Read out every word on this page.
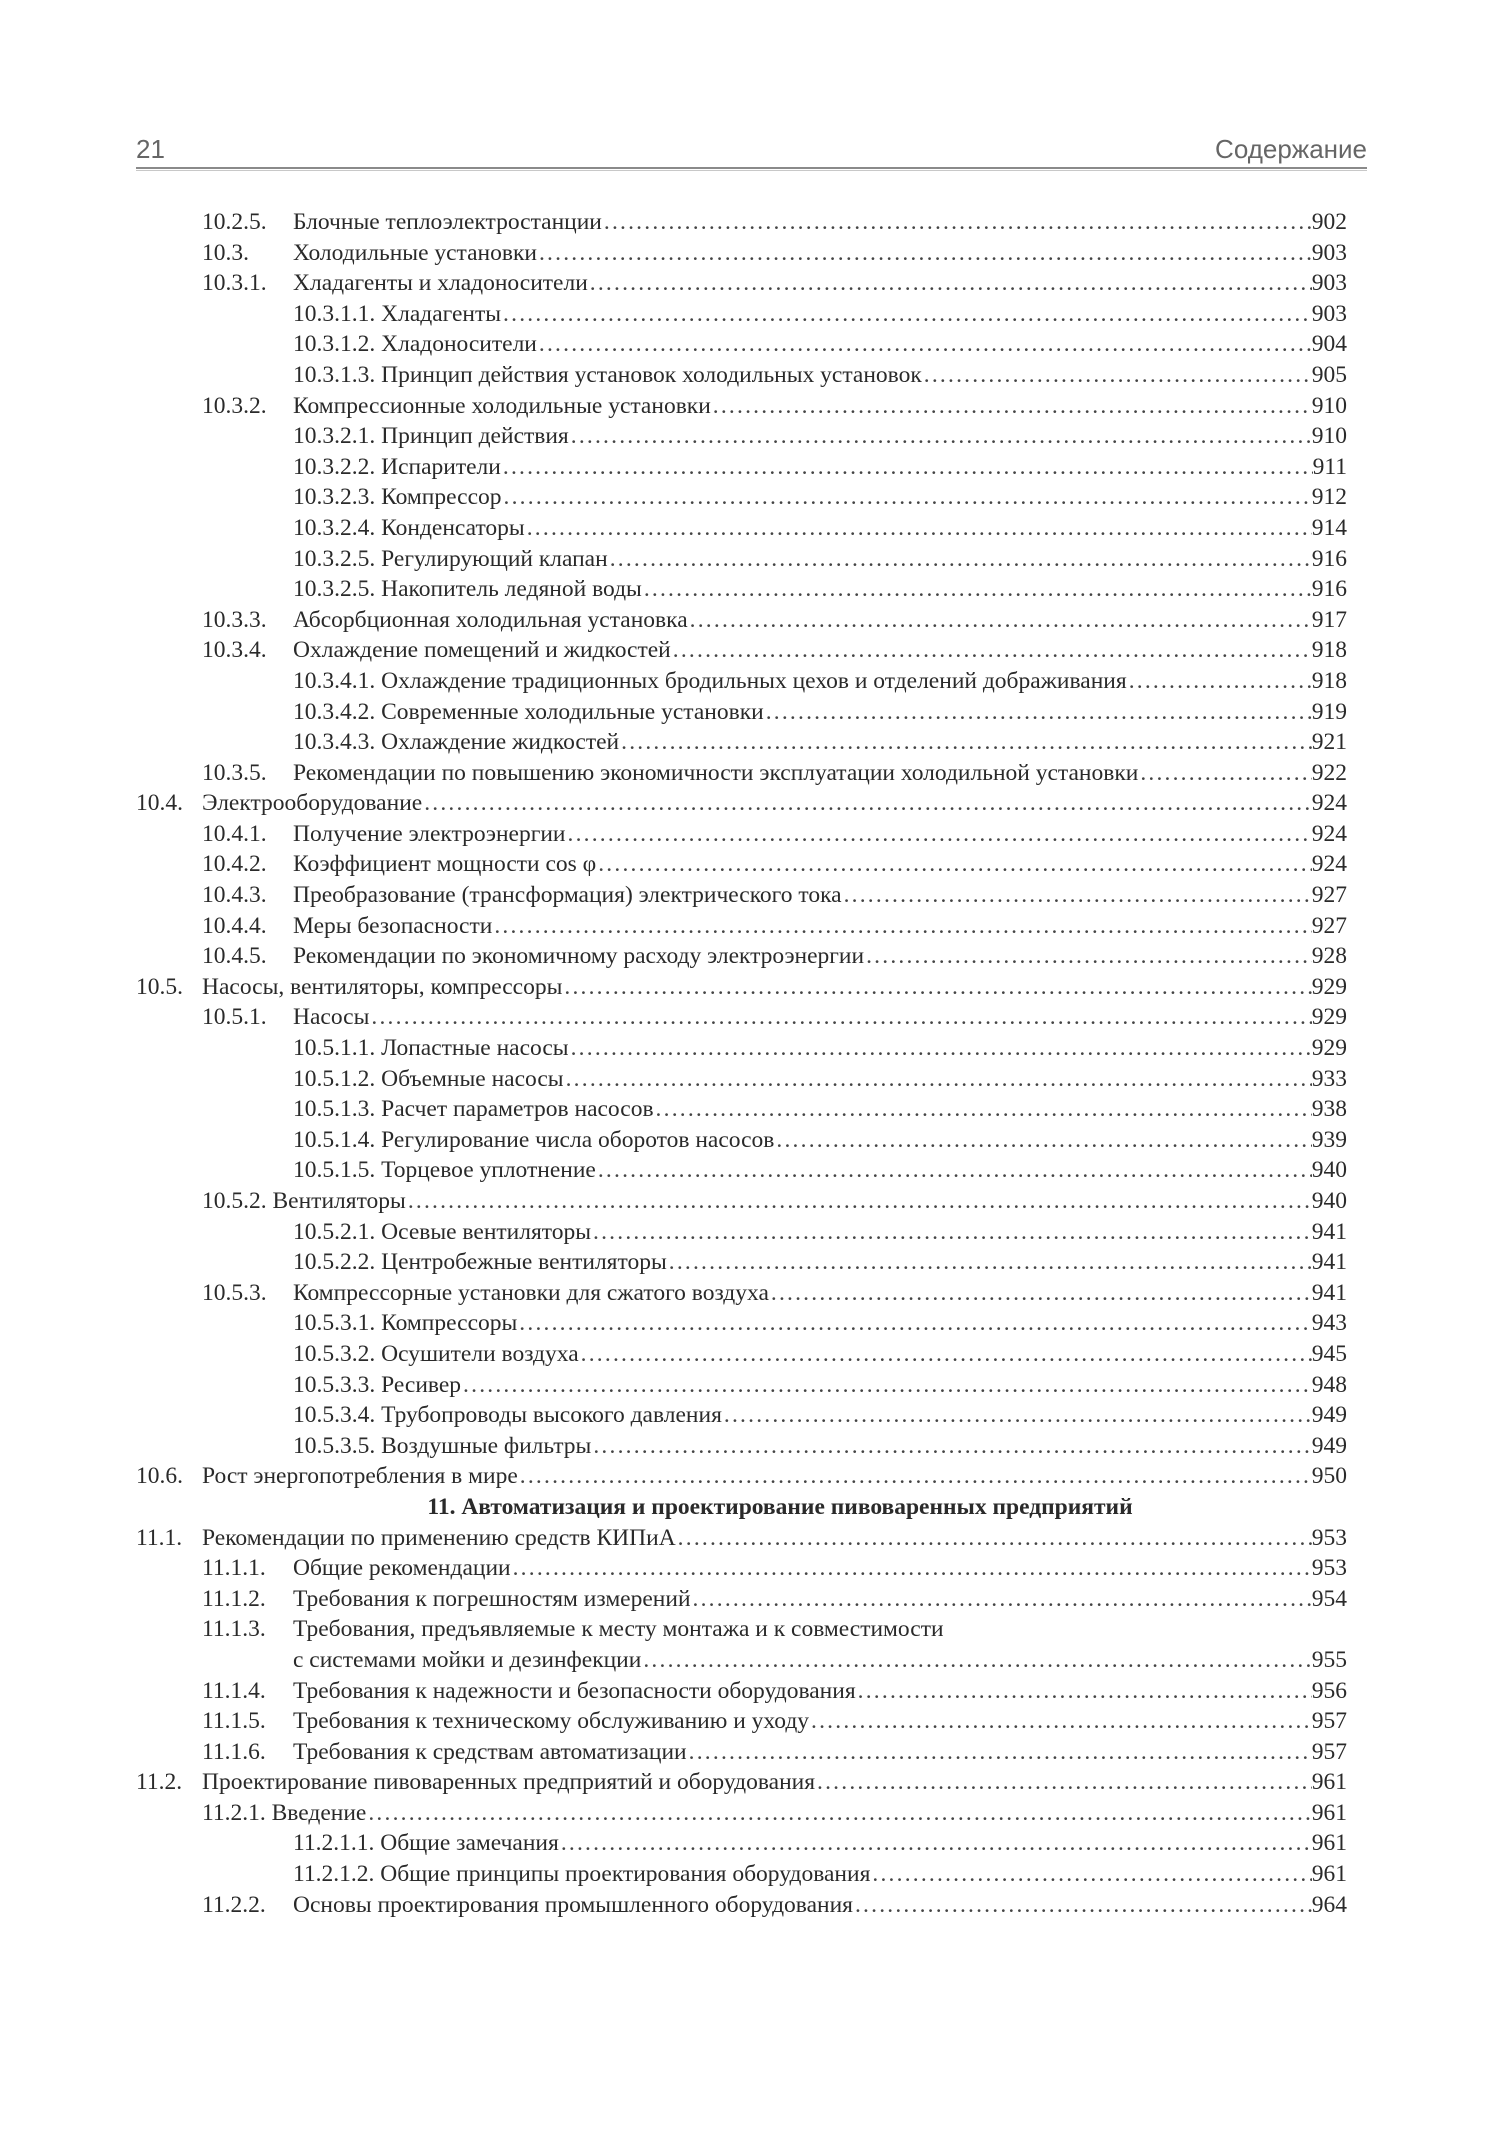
21	Содержание
10.2.5. Блочные теплоэлектростанции .....	902
10.3. Холодильные установки .....	903
10.3.1. Хладагенты и хладоносители .....	903
10.3.1.1. Хладагенты .....	903
10.3.1.2. Хладоносители .....	904
10.3.1.3. Принцип действия установок холодильных установок .....	905
10.3.2. Компрессионные холодильные установки .....	910
10.3.2.1. Принцип действия .....	910
10.3.2.2. Испарители .....	911
10.3.2.3. Компрессор .....	912
10.3.2.4. Конденсаторы .....	914
10.3.2.5. Регулирующий клапан .....	916
10.3.2.5. Накопитель ледяной воды .....	916
10.3.3. Абсорбционная холодильная установка .....	917
10.3.4. Охлаждение помещений и жидкостей .....	918
10.3.4.1. Охлаждение традиционных бродильных цехов и отделений дображивания .....	918
10.3.4.2. Современные холодильные установки .....	919
10.3.4.3. Охлаждение жидкостей .....	921
10.3.5. Рекомендации по повышению экономичности эксплуатации холодильной установки .....	922
10.4. Электрооборудование .....	924
10.4.1. Получение электроэнергии .....	924
10.4.2. Коэффициент мощности cos φ .....	924
10.4.3. Преобразование (трансформация) электрического тока .....	927
10.4.4. Меры безопасности .....	927
10.4.5. Рекомендации по экономичному расходу электроэнергии .....	928
10.5. Насосы, вентиляторы, компрессоры .....	929
10.5.1. Насосы .....	929
10.5.1.1. Лопастные насосы .....	929
10.5.1.2. Объемные насосы .....	933
10.5.1.3. Расчет параметров насосов .....	938
10.5.1.4. Регулирование числа оборотов насосов .....	939
10.5.1.5. Торцевое уплотнение .....	940
10.5.2. Вентиляторы .....	940
10.5.2.1. Осевые вентиляторы .....	941
10.5.2.2. Центробежные вентиляторы .....	941
10.5.3. Компрессорные установки для сжатого воздуха .....	941
10.5.3.1. Компрессоры .....	943
10.5.3.2. Осушители воздуха .....	945
10.5.3.3. Ресивер .....	948
10.5.3.4. Трубопроводы высокого давления .....	949
10.5.3.5. Воздушные фильтры .....	949
10.6. Рост энергопотребления в мире .....	950
11. Автоматизация и проектирование пивоваренных предприятий
11.1. Рекомендации по применению средств КИПиА .....	953
11.1.1. Общие рекомендации .....	953
11.1.2. Требования к погрешностям измерений .....	954
11.1.3. Требования, предъявляемые к месту монтажа и к совместимости
с системами мойки и дезинфекции .....	955
11.1.4. Требования к надежности и безопасности оборудования .....	956
11.1.5. Требования к техническому обслуживанию и уходу .....	957
11.1.6. Требования к средствам автоматизации .....	957
11.2. Проектирование пивоваренных предприятий и оборудования .....	961
11.2.1. Введение .....	961
11.2.1.1. Общие замечания .....	961
11.2.1.2. Общие принципы проектирования оборудования .....	961
11.2.2. Основы проектирования промышленного оборудования .....	964
